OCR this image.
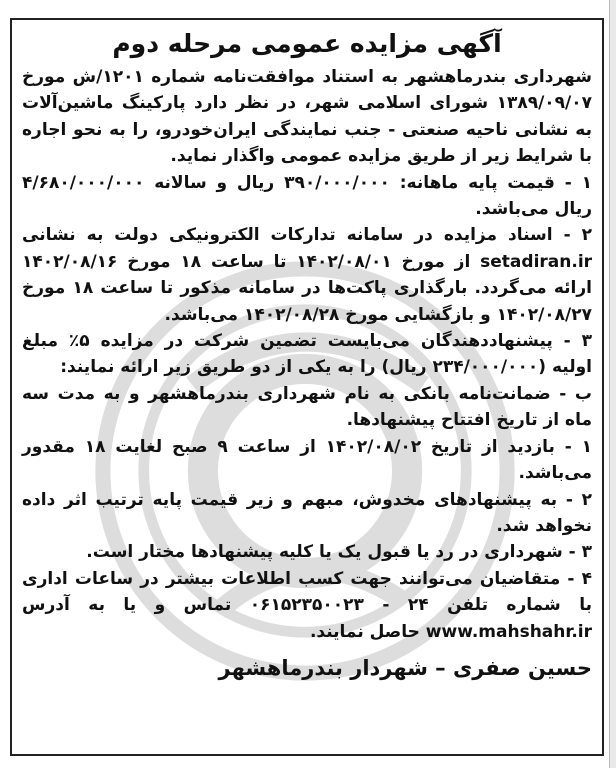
آگهی مزایده عمومی مرحله دوم

شهرداری بندرماهشهر به استناد موافقت‌نامه شماره ۱۲۰۱/ش مورخ ۱۳۸۹/۰۹/۰۷ شورای اسلامی شهر، در نظر دارد پارکینگ ماشین‌آلات به نشانی ناحیه صنعتی - جنب نمایندگی ایران‌خودرو، را به نحو اجاره با شرایط زیر از طریق مزایده عمومی واگذار نماید.

۱ - قیمت پایه ماهانه: ۳۹۰/۰۰۰/۰۰۰ ریال و سالانه ۴/۶۸۰/۰۰۰/۰۰۰ ریال می‌باشد.

۲ - اسناد مزایده در سامانه تدارکات الکترونیکی دولت به نشانی setadiran.ir از مورخ ۱۴۰۲/۰۸/۰۱ تا ساعت ۱۸ مورخ ۱۴۰۲/۰۸/۱۶ ارائه می‌گردد. بارگذاری پاکت‌ها در سامانه مذکور تا ساعت ۱۸ مورخ ۱۴۰۲/۰۸/۲۷ و بازگشایی مورخ ۱۴۰۲/۰۸/۲۸ می‌باشد.

۳ - پیشنهاددهندگان می‌بایست تضمین شرکت در مزایده ۵٪ مبلغ اولیه (۲۳۴/۰۰۰/۰۰۰ ریال) را به یکی از دو طریق زیر ارائه نمایند:

ب - ضمانت‌نامه بانکی به نام شهرداری بندرماهشهر و به مدت سه ماه از تاریخ افتتاح پیشنهادها.

۱ - بازدید از تاریخ ۱۴۰۲/۰۸/۰۲ از ساعت ۹ صبح لغایت ۱۸ مقدور می‌باشد.

۲ - به پیشنهادهای مخدوش، مبهم و زیر قیمت پایه ترتیب اثر داده نخواهد شد.

۳ - شهرداری در رد یا قبول یک یا کلیه پیشنهادها مختار است.

۴ - متقاضیان می‌توانند جهت کسب اطلاعات بیشتر در ساعات اداری با شماره تلفن ۲۴ - ۰۶۱۵۲۳۵۰۰۲۳ تماس و یا به آدرس www.mahshahr.ir حاصل نمایند.

حسین صفری – شهردار بندرماهشهر
